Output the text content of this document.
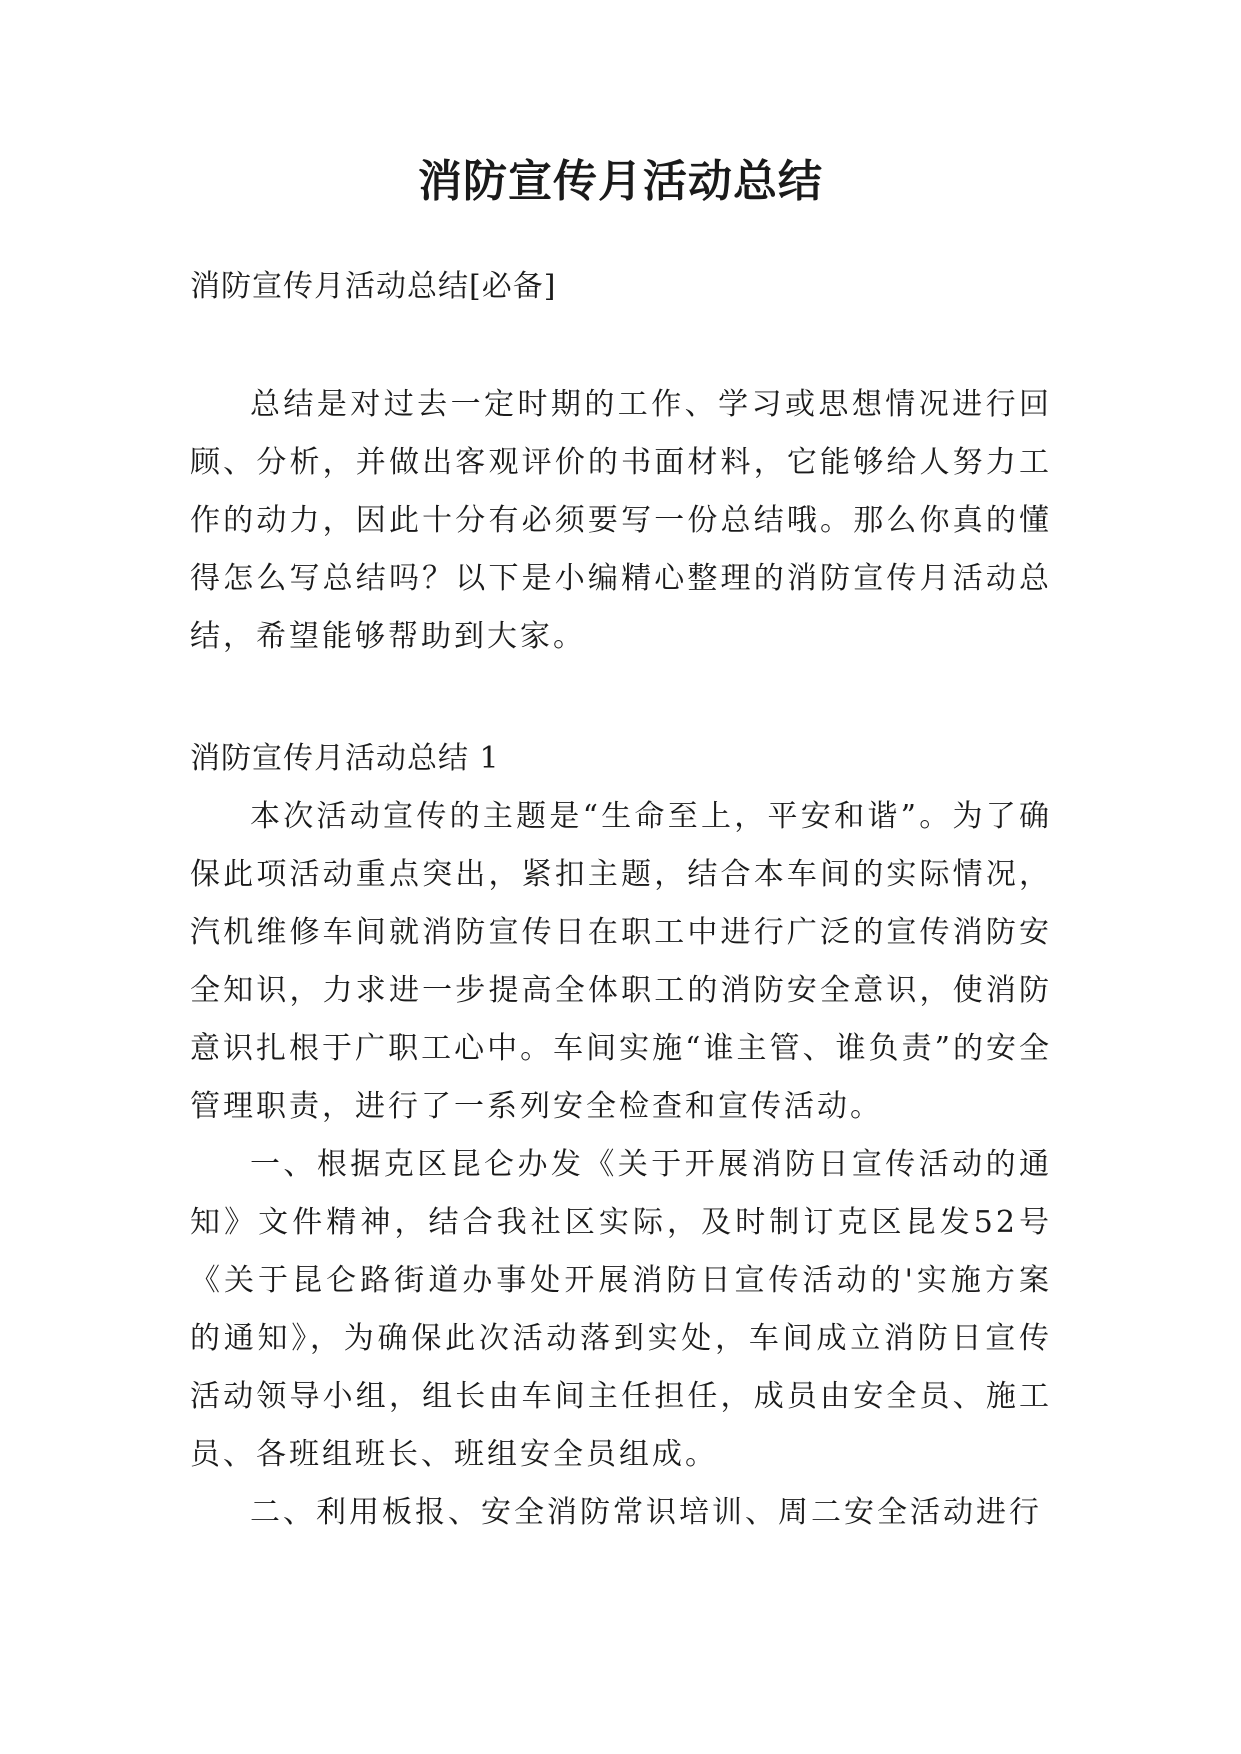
消防宣传月活动总结

消防宣传月活动总结[必备]

总结是对过去一定时期的工作、学习或思想情况进行回顾、分析，并做出客观评价的书面材料，它能够给人努力工作的动力，因此十分有必须要写一份总结哦。那么你真的懂得怎么写总结吗？以下是小编精心整理的消防宣传月活动总结，希望能够帮助到大家。

消防宣传月活动总结 1

本次活动宣传的主题是“生命至上，平安和谐”。为了确保此项活动重点突出，紧扣主题，结合本车间的实际情况，汽机维修车间就消防宣传日在职工中进行广泛的宣传消防安全知识，力求进一步提高全体职工的消防安全意识，使消防意识扎根于广职工心中。车间实施“谁主管、谁负责”的安全管理职责，进行了一系列安全检查和宣传活动。

一、根据克区昆仑办发《关于开展消防日宣传活动的通知》文件精神，结合我社区实际，及时制订克区昆发52号《关于昆仑路街道办事处开展消防日宣传活动的'实施方案的通知》，为确保此次活动落到实处，车间成立消防日宣传活动领导小组，组长由车间主任担任，成员由安全员、施工员、各班组班长、班组安全员组成。

二、利用板报、安全消防常识培训、周二安全活动进行
